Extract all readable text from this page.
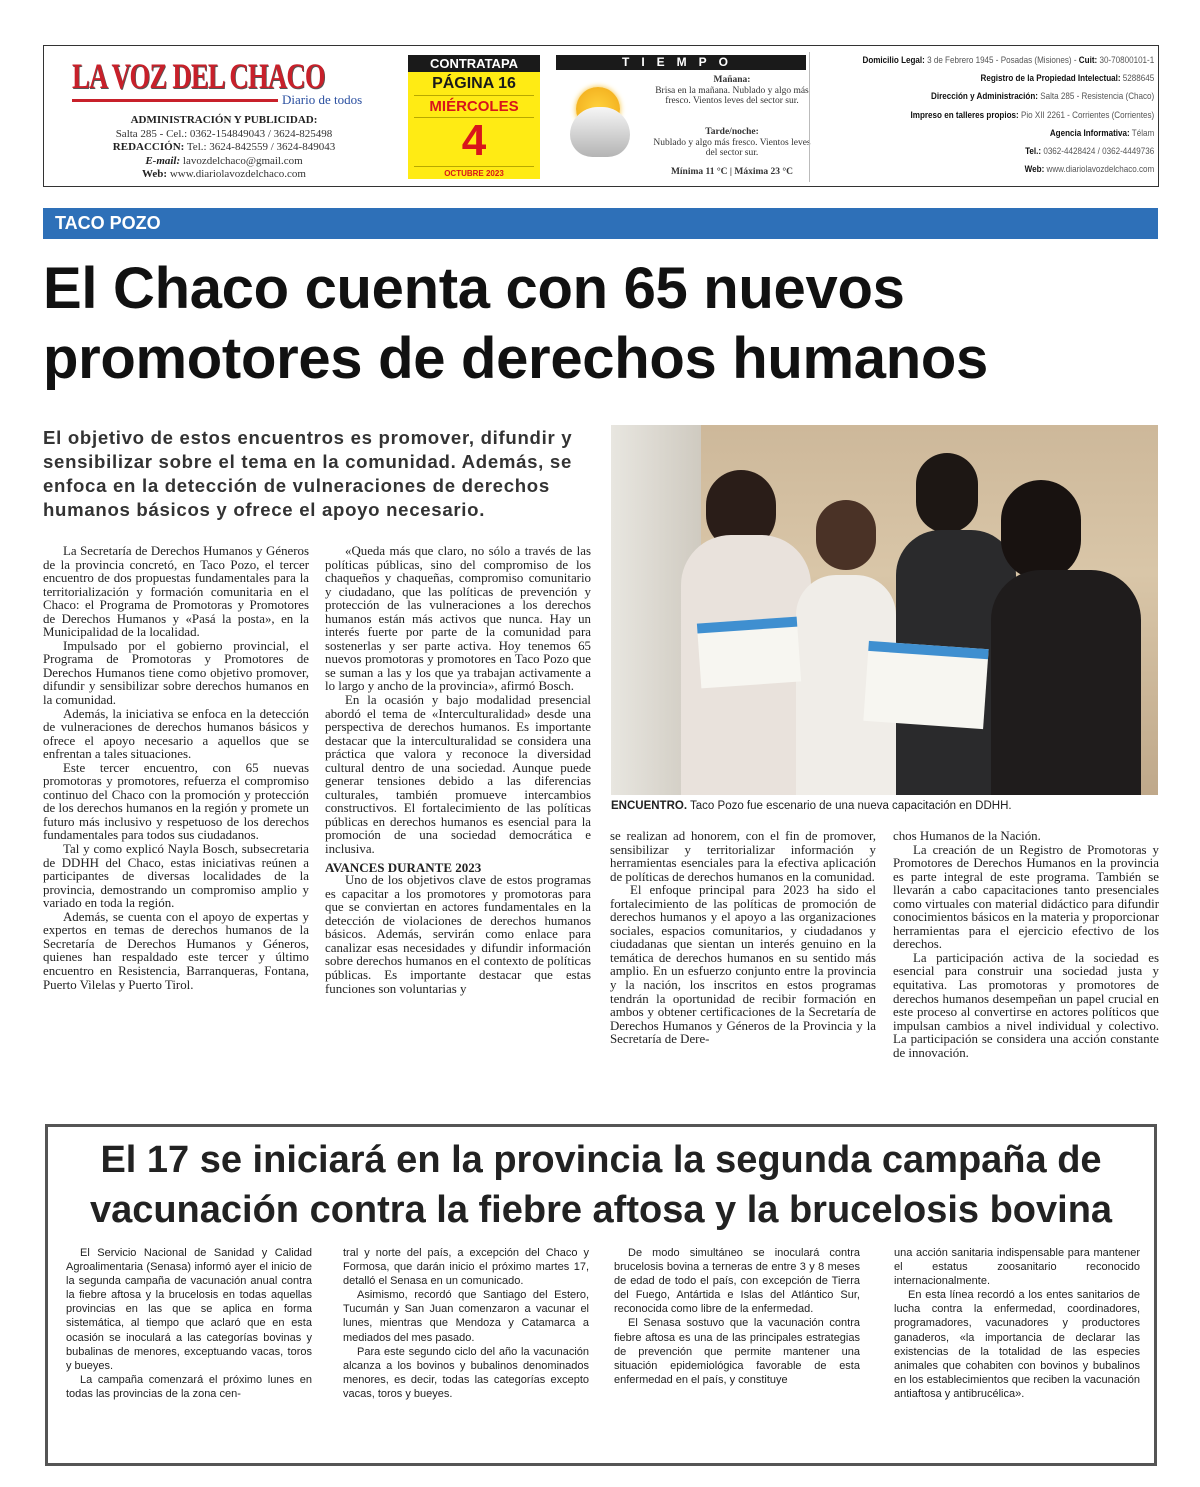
LA VOZ DEL CHACO
Diario de todos
ADMINISTRACIÓN Y PUBLICIDAD:
Salta 285 - Cel.: 0362-154849043 / 3624-825498
REDACCIÓN: Tel.: 3624-842559 / 3624-849043
E-mail: lavozdelchaco@gmail.com
Web: www.diariolavozdelchaco.com
CONTRATAPA
PÁGINA 16
MIÉRCOLES
4
OCTUBRE 2023
TIEMPO
Mañana:
Brisa en la mañana. Nublado y algo más fresco. Vientos leves del sector sur.
Tarde/noche:
Nublado y algo más fresco. Vientos leves del sector sur.
Mínima 11 °C | Máxima 23 °C
Domicilio Legal: 3 de Febrero 1945 - Posadas (Misiones) - Cuit: 30-70800101-1
Registro de la Propiedad Intelectual: 5288645
Dirección y Administración: Salta 285 - Resistencia (Chaco)
Impreso en talleres propios: Pio XII 2261 - Corrientes (Corrientes)
Agencia Informativa: Télam
Tel.: 0362-4428424 / 0362-4449736
Web: www.diariolavozdelchaco.com
TACO POZO
El Chaco cuenta con 65 nuevos promotores de derechos humanos
El objetivo de estos encuentros es promover, difundir y sensibilizar sobre el tema en la comunidad. Además, se enfoca en la detección de vulneraciones de derechos humanos básicos y ofrece el apoyo necesario.

La Secretaría de Derechos Humanos y Géneros de la provincia concretó, en Taco Pozo, el tercer encuentro de dos propuestas fundamentales para la territorialización y formación comunitaria en el Chaco: el Programa de Promotoras y Promotores de Derechos Humanos y «Pasá la posta», en la Municipalidad de la localidad.

Impulsado por el gobierno provincial, el Programa de Promotoras y Promotores de Derechos Humanos tiene como objetivo promover, difundir y sensibilizar sobre derechos humanos en la comunidad.

Además, la iniciativa se enfoca en la detección de vulneraciones de derechos humanos básicos y ofrece el apoyo necesario a aquellos que se enfrentan a tales situaciones.

Este tercer encuentro, con 65 nuevas promotoras y promotores, refuerza el compromiso continuo del Chaco con la promoción y protección de los derechos humanos en la región y promete un futuro más inclusivo y respetuoso de los derechos fundamentales para todos sus ciudadanos.

Tal y como explicó Nayla Bosch, subsecretaria de DDHH del Chaco, estas iniciativas reúnen a participantes de diversas localidades de la provincia, demostrando un compromiso amplio y variado en toda la región.

Además, se cuenta con el apoyo de expertas y expertos en temas de derechos humanos de la Secretaría de Derechos Humanos y Géneros, quienes han respaldado este tercer y último encuentro en Resistencia, Barranqueras, Fontana, Puerto Vilelas y Puerto Tirol.

«Queda más que claro, no sólo a través de las políticas públicas, sino del compromiso de los chaqueños y chaqueñas, compromiso comunitario y ciudadano, que las políticas de prevención y protección de las vulneraciones a los derechos humanos están más activos que nunca. Hay un interés fuerte por parte de la comunidad para sostenerlas y ser parte activa. Hoy tenemos 65 nuevos promotoras y promotores en Taco Pozo que se suman a las y los que ya trabajan activamente a lo largo y ancho de la provincia», afirmó Bosch.

En la ocasión y bajo modalidad presencial abordó el tema de «Interculturalidad» desde una perspectiva de derechos humanos. Es importante destacar que la interculturalidad se considera una práctica que valora y reconoce la diversidad cultural dentro de una sociedad. Aunque puede generar tensiones debido a las diferencias culturales, también promueve intercambios constructivos. El fortalecimiento de las políticas públicas en derechos humanos es esencial para la promoción de una sociedad democrática e inclusiva.

AVANCES DURANTE 2023

Uno de los objetivos clave de estos programas es capacitar a los promotores y promotoras para que se conviertan en actores fundamentales en la detección de violaciones de derechos humanos básicos. Además, servirán como enlace para canalizar esas necesidades y difundir información sobre derechos humanos en el contexto de políticas públicas. Es importante destacar que estas funciones son voluntarias y

ENCUENTRO. Taco Pozo fue escenario de una nueva capacitación en DDHH.

se realizan ad honorem, con el fin de promover, sensibilizar y territorializar información y herramientas esenciales para la efectiva aplicación de políticas de derechos humanos en la comunidad.

El enfoque principal para 2023 ha sido el fortalecimiento de las políticas de promoción de derechos humanos y el apoyo a las organizaciones sociales, espacios comunitarios, y ciudadanos y ciudadanas que sientan un interés genuino en la temática de derechos humanos en su sentido más amplio. En un esfuerzo conjunto entre la provincia y la nación, los inscritos en estos programas tendrán la oportunidad de recibir formación en ambos y obtener certificaciones de la Secretaría de Derechos Humanos y Géneros de la Provincia y la Secretaría de Dere-

chos Humanos de la Nación.

La creación de un Registro de Promotoras y Promotores de Derechos Humanos en la provincia es parte integral de este programa. También se llevarán a cabo capacitaciones tanto presenciales como virtuales con material didáctico para difundir conocimientos básicos en la materia y proporcionar herramientas para el ejercicio efectivo de los derechos.

La participación activa de la sociedad es esencial para construir una sociedad justa y equitativa. Las promotoras y promotores de derechos humanos desempeñan un papel crucial en este proceso al convertirse en actores políticos que impulsan cambios a nivel individual y colectivo. La participación se considera una acción constante de innovación.

El 17 se iniciará en la provincia la segunda campaña de vacunación contra la fiebre aftosa y la brucelosis bovina

El Servicio Nacional de Sanidad y Calidad Agroalimentaria (Senasa) informó ayer el inicio de la segunda campaña de vacunación anual contra la fiebre aftosa y la brucelosis en todas aquellas provincias en las que se aplica en forma sistemática, al tiempo que aclaró que en esta ocasión se inoculará a las categorías bovinas y bubalinas de menores, exceptuando vacas, toros y bueyes.

La campaña comenzará el próximo lunes en todas las provincias de la zona cen-

tral y norte del país, a excepción del Chaco y Formosa, que darán inicio el próximo martes 17, detalló el Senasa en un comunicado.

Asimismo, recordó que Santiago del Estero, Tucumán y San Juan comenzaron a vacunar el lunes, mientras que Mendoza y Catamarca a mediados del mes pasado.

Para este segundo ciclo del año la vacunación alcanza a los bovinos y bubalinos denominados menores, es decir, todas las categorías excepto vacas, toros y bueyes.

De modo simultáneo se inoculará contra brucelosis bovina a terneras de entre 3 y 8 meses de edad de todo el país, con excepción de Tierra del Fuego, Antártida e Islas del Atlántico Sur, reconocida como libre de la enfermedad.

El Senasa sostuvo que la vacunación contra fiebre aftosa es una de las principales estrategias de prevención que permite mantener una situación epidemiológica favorable de esta enfermedad en el país, y constituye

una acción sanitaria indispensable para mantener el estatus zoosanitario reconocido internacionalmente.

En esta línea recordó a los entes sanitarios de lucha contra la enfermedad, coordinadores, programadores, vacunadores y productores ganaderos, «la importancia de declarar las existencias de la totalidad de las especies animales que cohabiten con bovinos y bubalinos en los establecimientos que reciben la vacunación antiaftosa y antibrucélica».
